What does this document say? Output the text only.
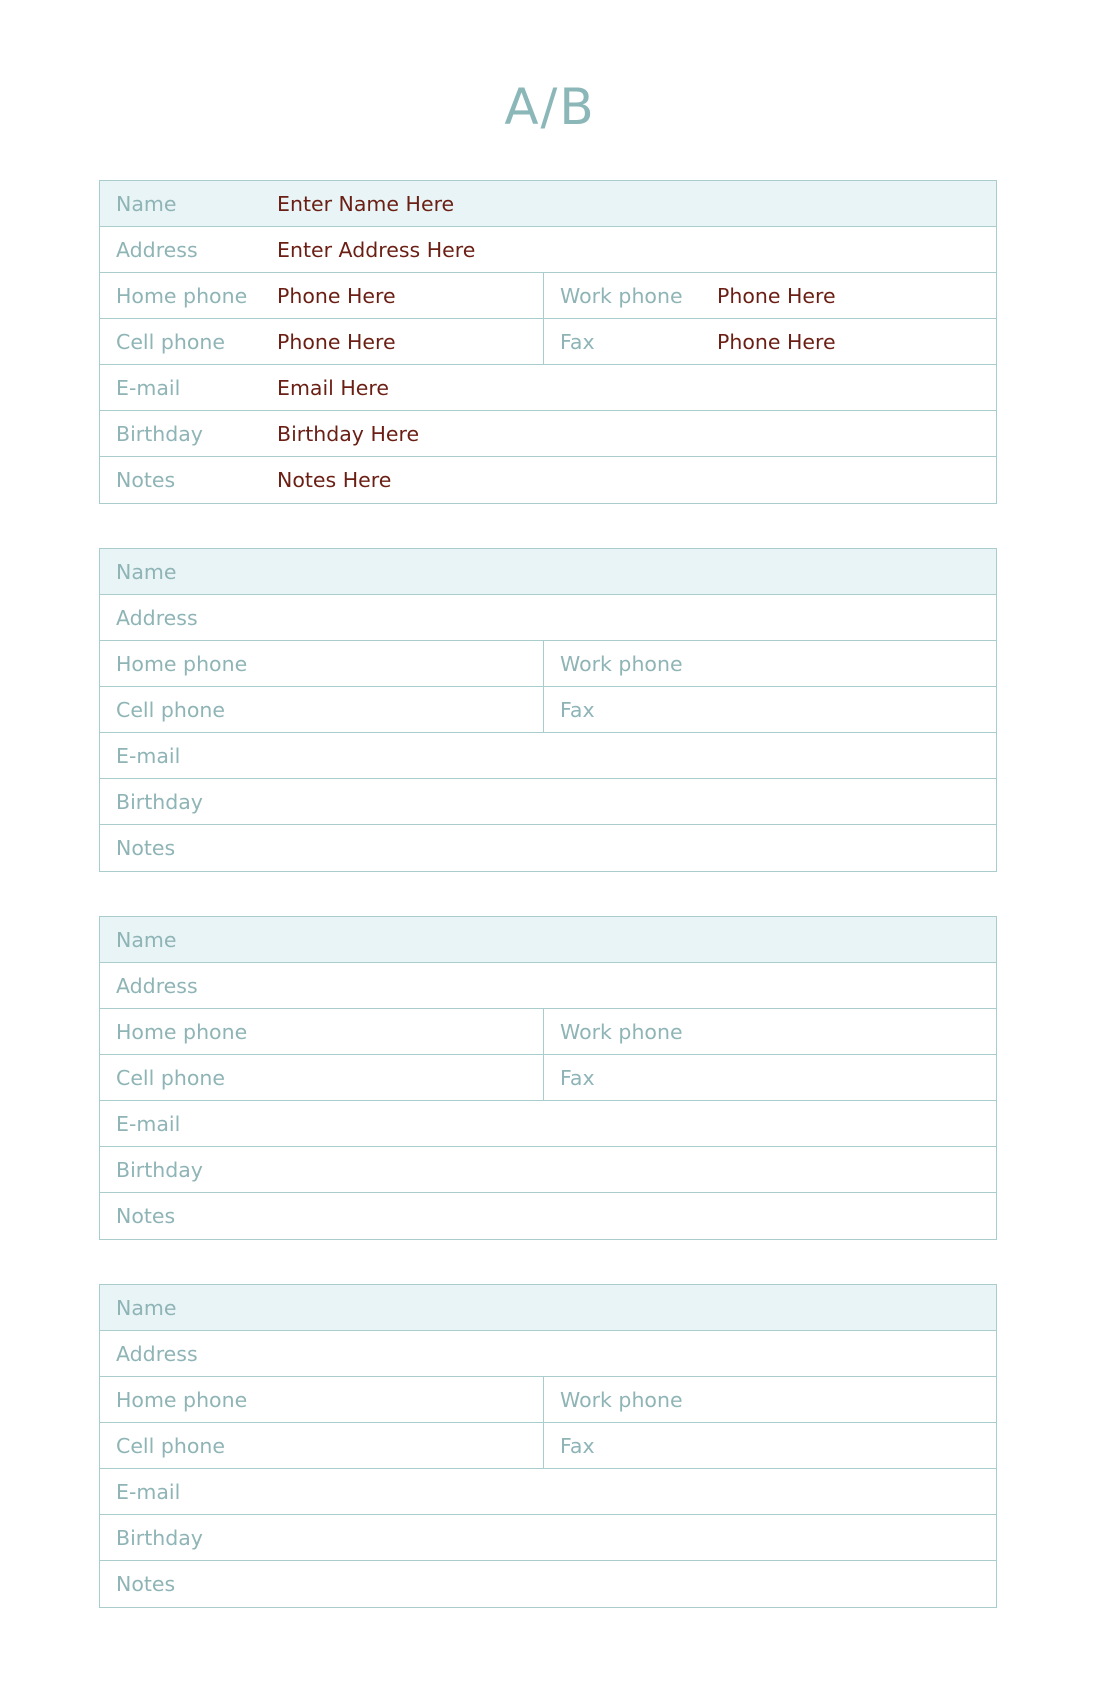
A/B
Name	Enter Name Here
Address	Enter Address Here
Home phone	Phone Here	Work phone	Phone Here
Cell phone	Phone Here	Fax	Phone Here
E-mail	Email Here
Birthday	Birthday Here
Notes	Notes Here
Name
Address
Home phone	Work phone
Cell phone	Fax
E-mail
Birthday
Notes
Name
Address
Home phone	Work phone
Cell phone	Fax
E-mail
Birthday
Notes
Name
Address
Home phone	Work phone
Cell phone	Fax
E-mail
Birthday
Notes
